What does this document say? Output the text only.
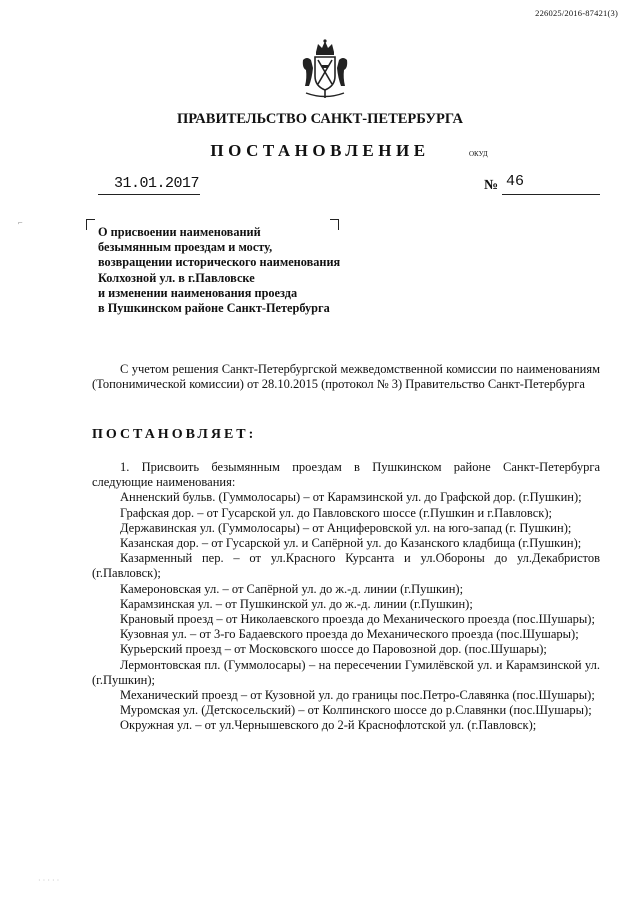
226025/2016-87421(3)
ПРАВИТЕЛЬСТВО САНКТ-ПЕТЕРБУРГА
ПОСТАНОВЛЕНИЕ	ОКУД
31.01.2017	№ 46
⌐
О присвоении наименований
безымянным проездам и мосту,
возвращении исторического наименования
Колхозной ул. в г.Павловске
и изменении наименования проезда
в Пушкинском районе Санкт-Петербурга
С учетом решения Санкт-Петербургской межведомственной комиссии по наименованиям (Топонимической комиссии) от 28.10.2015 (протокол № 3) Правительство Санкт-Петербурга
ПОСТАНОВЛЯЕТ:

1. Присвоить безымянным проездам в Пушкинском районе Санкт-Петербурга следующие наименования:

Анненский бульв. (Гуммолосары) – от Карамзинской ул. до Графской дор. (г.Пушкин);

Графская дор. – от Гусарской ул. до Павловского шоссе (г.Пушкин и г.Павловск);

Державинская ул. (Гуммолосары) – от Анциферовской ул. на юго-запад (г. Пушкин);

Казанская дор. – от Гусарской ул. и Сапёрной ул. до Казанского кладбища (г.Пушкин);

Казарменный пер. – от ул.Красного Курсанта и ул.Обороны до ул.Декабристов (г.Павловск);

Камероновская ул. – от Сапёрной ул. до ж.-д. линии (г.Пушкин);

Карамзинская ул. – от Пушкинской ул. до ж.-д. линии (г.Пушкин);

Крановый проезд – от Николаевского проезда до Механического проезда (пос.Шушары);

Кузовная ул. – от 3-го Бадаевского проезда до Механического проезда (пос.Шушары);

Курьерский проезд – от Московского шоссе до Паровозной дор. (пос.Шушары);

Лермонтовская пл. (Гуммолосары) – на пересечении Гумилёвской ул. и Карамзинской ул. (г.Пушкин);

Механический проезд – от Кузовной ул. до границы пос.Петро-Славянка (пос.Шушары);

Муромская ул. (Детскосельский) – от Колпинского шоссе до р.Славянки (пос.Шушары);

Окружная ул. – от ул.Чернышевского до 2-й Краснофлотской ул. (г.Павловск);

· · · · ·
